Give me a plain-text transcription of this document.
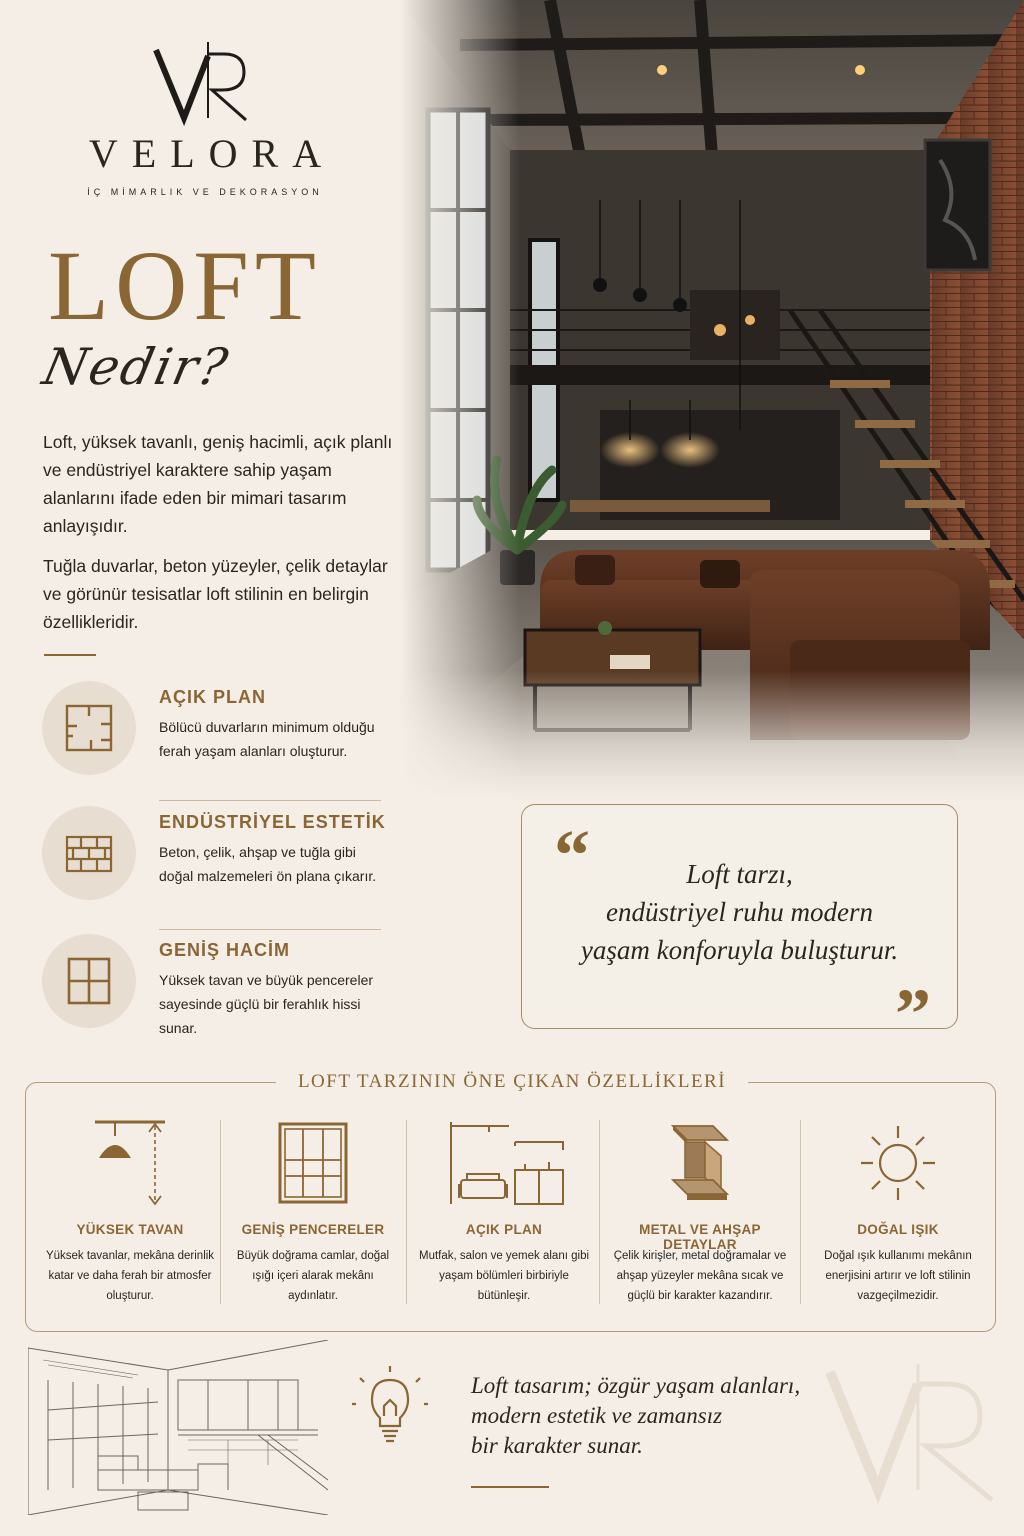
VELORA
İÇ MİMARLIK VE DEKORASYON
LOFT
Nedir?

Loft, yüksek tavanlı, geniş hacimli, açık planlı ve endüstriyel karaktere sahip yaşam alanlarını ifade eden bir mimari tasarım anlayışıdır.

Tuğla duvarlar, beton yüzeyler, çelik detaylar ve görünür tesisatlar loft stilinin en belirgin özellikleridir.

AÇIK PLAN
Bölücü duvarların minimum olduğu ferah yaşam alanları oluşturur.
ENDÜSTRİYEL ESTETİK
Beton, çelik, ahşap ve tuğla gibi doğal malzemeleri ön plana çıkarır.
GENİŞ HACİM
Yüksek tavan ve büyük pencereler sayesinde güçlü bir ferahlık hissi sunar.
“	Loft tarzı,
endüstriyel ruhu modern
yaşam konforuyla buluşturur.
”
LOFT TARZININ ÖNE ÇIKAN ÖZELLİKLERİ
YÜKSEK TAVAN
Yüksek tavanlar, mekâna derinlik katar ve daha ferah bir atmosfer oluşturur.
GENİŞ PENCERELER
Büyük doğrama camlar, doğal ışığı içeri alarak mekânı aydınlatır.
AÇIK PLAN
Mutfak, salon ve yemek alanı gibi yaşam bölümleri birbiriyle bütünleşir.
METAL VE AHŞAP DETAYLAR
Çelik kirişler, metal doğramalar ve ahşap yüzeyler mekâna sıcak ve güçlü bir karakter kazandırır.
DOĞAL IŞIK
Doğal ışık kullanımı mekânın enerjisini artırır ve loft stilinin vazgeçilmezidir.
Loft tasarım; özgür yaşam alanları,
modern estetik ve zamansız
bir karakter sunar.
